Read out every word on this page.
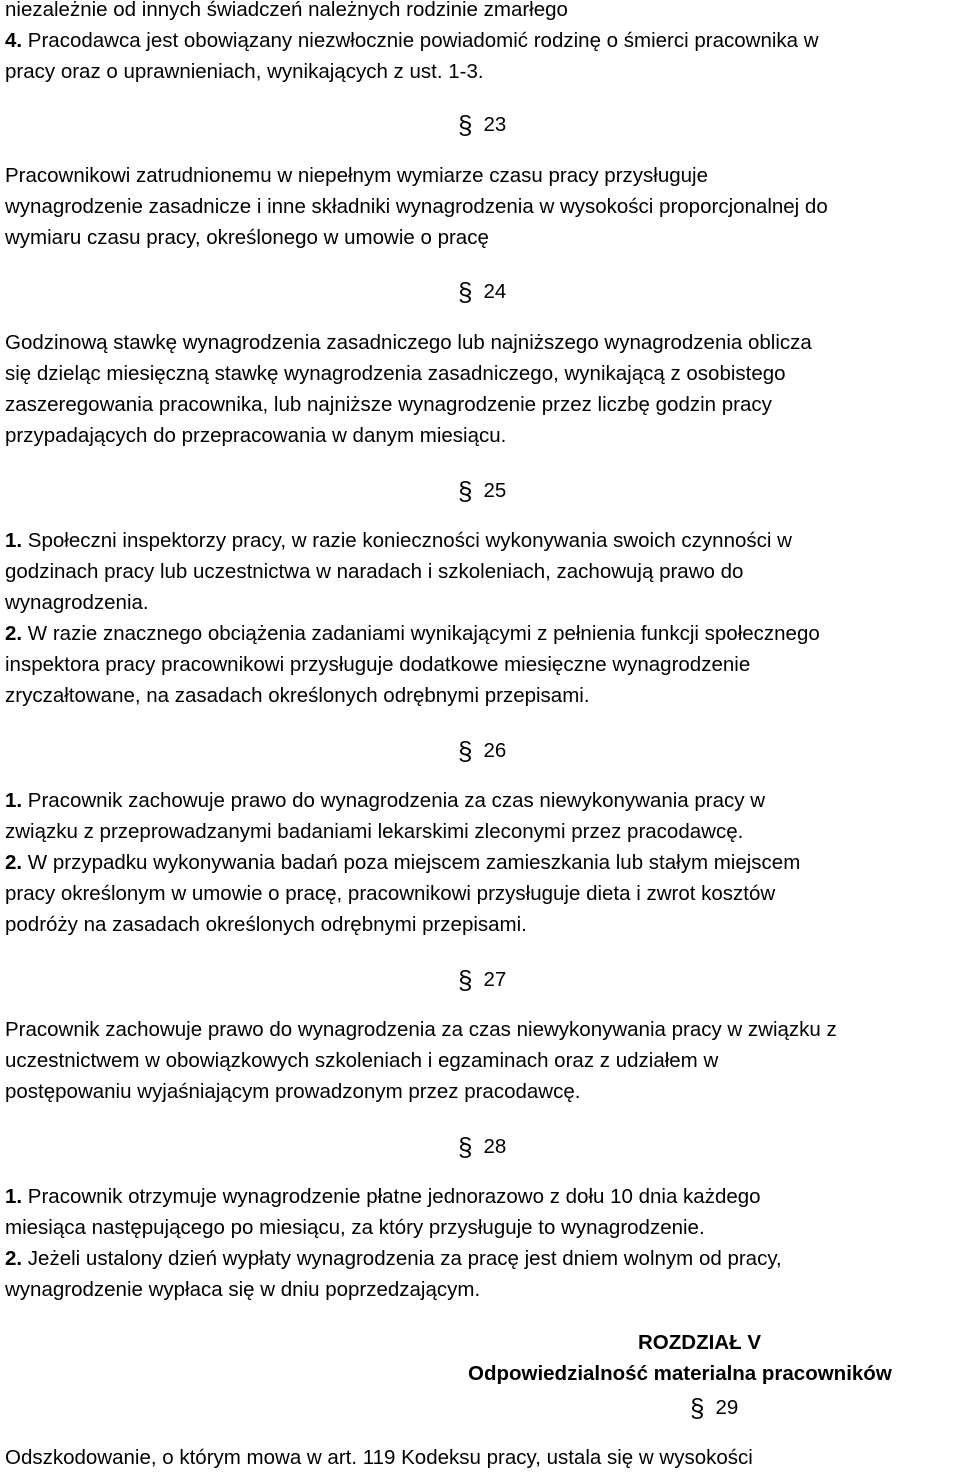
niezależnie od innych świadczeń należnych rodzinie zmarłego
4. Pracodawca jest obowiązany niezwłocznie powiadomić rodzinę o śmierci pracownika w
pracy oraz o uprawnieniach, wynikających z ust. 1-3.
§ 23
Pracownikowi zatrudnionemu w niepełnym wymiarze czasu pracy przysługuje
wynagrodzenie zasadnicze i inne składniki wynagrodzenia w wysokości proporcjonalnej do
wymiaru czasu pracy, określonego w umowie o pracę
§ 24
Godzinową stawkę wynagrodzenia zasadniczego lub najniższego wynagrodzenia oblicza
się dzieląc miesięczną stawkę wynagrodzenia zasadniczego, wynikającą z osobistego
zaszeregowania pracownika, lub najniższe wynagrodzenie przez liczbę godzin pracy
przypadających do przepracowania w danym miesiącu.
§ 25
1. Społeczni inspektorzy pracy, w razie konieczności wykonywania swoich czynności w
godzinach pracy lub uczestnictwa w naradach i szkoleniach, zachowują prawo do
wynagrodzenia.
2. W razie znacznego obciążenia zadaniami wynikającymi z pełnienia funkcji społecznego
inspektora pracy pracownikowi przysługuje dodatkowe miesięczne wynagrodzenie
zryczałtowane, na zasadach określonych odrębnymi przepisami.
§ 26
1. Pracownik zachowuje prawo do wynagrodzenia za czas niewykonywania pracy w
związku z przeprowadzanymi badaniami lekarskimi zleconymi przez pracodawcę.
2. W przypadku wykonywania badań poza miejscem zamieszkania lub stałym miejscem
pracy określonym w umowie o pracę, pracownikowi przysługuje dieta i zwrot kosztów
podróży na zasadach określonych odrębnymi przepisami.
§ 27
Pracownik zachowuje prawo do wynagrodzenia za czas niewykonywania pracy w związku z
uczestnictwem w obowiązkowych szkoleniach i egzaminach oraz z udziałem w
postępowaniu wyjaśniającym prowadzonym przez pracodawcę.
§ 28
1. Pracownik otrzymuje wynagrodzenie płatne jednorazowo z dołu 10 dnia każdego
miesiąca następującego po miesiącu, za który przysługuje to wynagrodzenie.
2. Jeżeli ustalony dzień wypłaty wynagrodzenia za pracę jest dniem wolnym od pracy,
wynagrodzenie wypłaca się w dniu poprzedzającym.
ROZDZIAŁ V
Odpowiedzialność materialna pracowników
§ 29
Odszkodowanie, o którym mowa w art. 119 Kodeksu pracy, ustala się w wysokości
